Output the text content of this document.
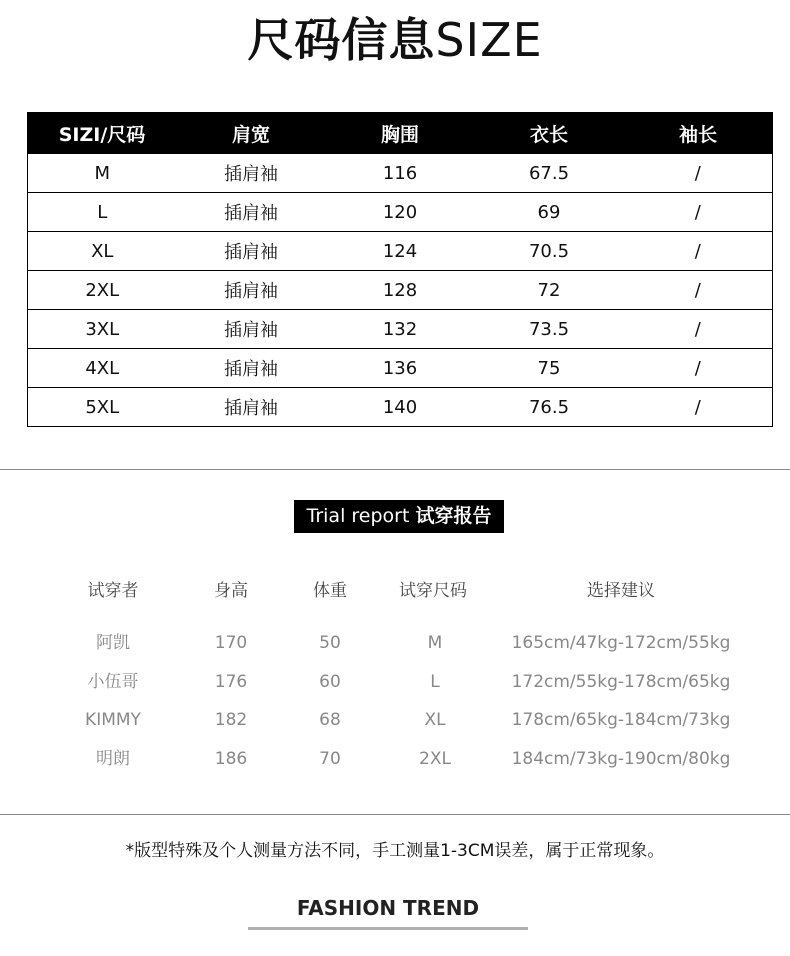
尺码信息SIZE
SIZI/尺码	肩宽	胸围	衣长	袖长
M	插肩袖	116	67.5	/
L	插肩袖	120	69	/
XL	插肩袖	124	70.5	/
2XL	插肩袖	128	72	/
3XL	插肩袖	132	73.5	/
4XL	插肩袖	136	75	/
5XL	插肩袖	140	76.5	/
Trial report 试穿报告
试穿者	身高	体重	试穿尺码	选择建议
阿凯	170	50	M	165cm/47kg-172cm/55kg
小伍哥	176	60	L	172cm/55kg-178cm/65kg
KIMMY	182	68	XL	178cm/65kg-184cm/73kg
明朗	186	70	2XL	184cm/73kg-190cm/80kg
*版型特殊及个人测量方法不同，手工测量1-3CM误差，属于正常现象。
FASHION TREND
